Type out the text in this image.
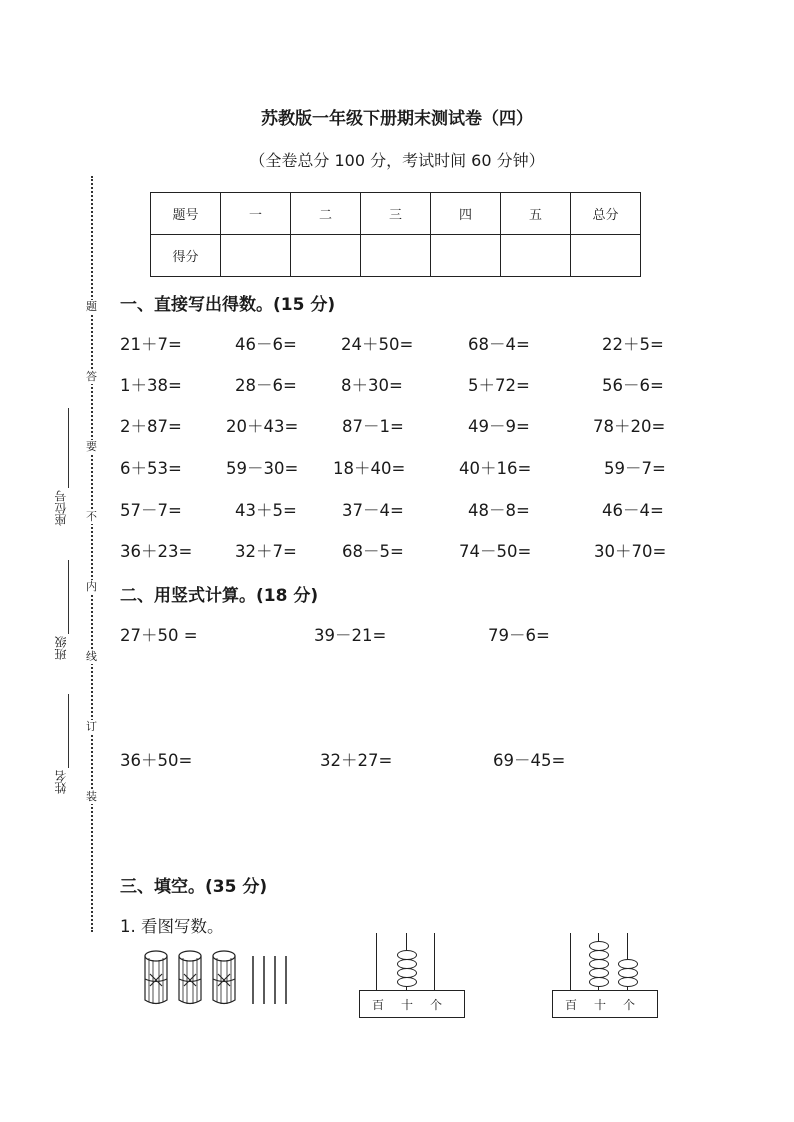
苏教版一年级下册期末测试卷（四）
（全卷总分 100 分，考试时间 60 分钟）
题号	一	二	三	四	五	总分
得分						
题
答
要
不
内
线
订
装
座位号
班级
姓名
一、直接写出得数。(15 分)
21＋7=	46－6=	24＋50=	68－4=	22＋5=
1＋38=	28－6=	8＋30=	5＋72=	56－6=
2＋87=	20＋43=	87－1=	49－9=	78＋20=
6＋53=	59－30= 18＋40=	40＋16=	59－7=
57－7=	43＋5=	37－4=	48－8=	46－4=
36＋23=	32＋7=	68－5=	74－50=	30＋70=
二、用竖式计算。(18 分)
27＋50 =	39－21=	79－6=
36＋50=	32＋27=	69－45=
三、填空。(35 分)
1. 看图写数。
百 十 个	百 十 个
